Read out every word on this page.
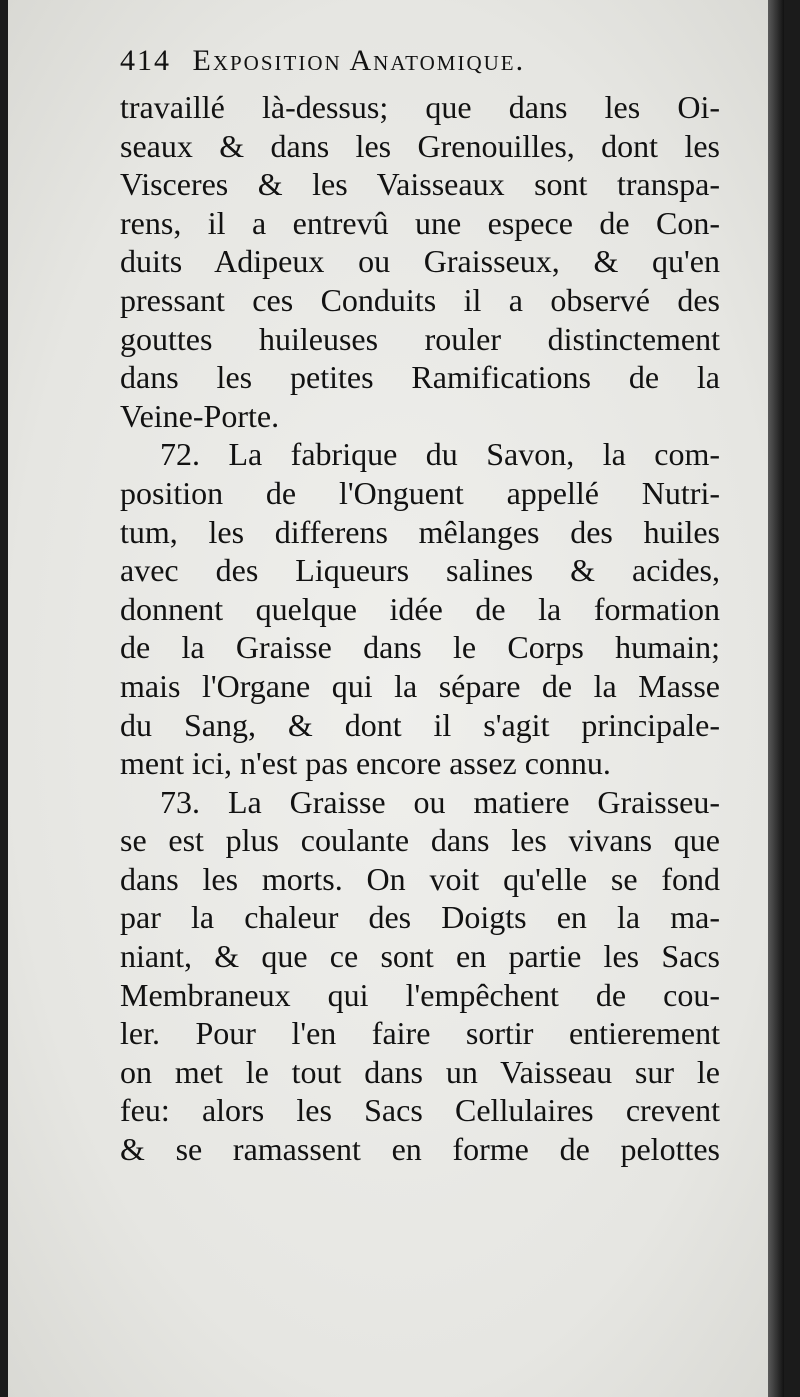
414 Exposition Anatomique.
travaillé là-dessus; que dans les Oi-
seaux & dans les Grenouilles, dont les
Visceres & les Vaisseaux sont transpa-
rens, il a entrevû une espece de Con-
duits Adipeux ou Graisseux, & qu'en
pressant ces Conduits il a observé des
gouttes huileuses rouler distinctement
dans les petites Ramifications de la
Veine-Porte.
72. La fabrique du Savon, la com-
position de l'Onguent appellé Nutri-
tum, les differens mêlanges des huiles
avec des Liqueurs salines & acides,
donnent quelque idée de la formation
de la Graisse dans le Corps humain;
mais l'Organe qui la sépare de la Masse
du Sang, & dont il s'agit principale-
ment ici, n'est pas encore assez connu.
73. La Graisse ou matiere Graisseu-
se est plus coulante dans les vivans que
dans les morts. On voit qu'elle se fond
par la chaleur des Doigts en la ma-
niant, & que ce sont en partie les Sacs
Membraneux qui l'empêchent de cou-
ler. Pour l'en faire sortir entierement
on met le tout dans un Vaisseau sur le
feu: alors les Sacs Cellulaires crevent
& se ramassent en forme de pelottes
